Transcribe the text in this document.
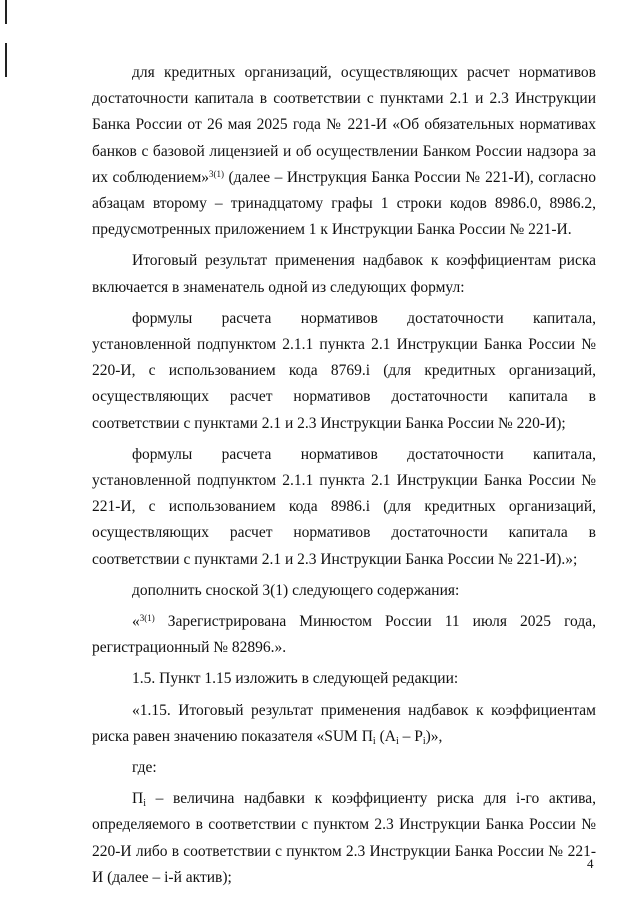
для кредитных организаций, осуществляющих расчет нормативов достаточности капитала в соответствии с пунктами 2.1 и 2.3 Инструкции Банка России от 26 мая 2025 года № 221-И «Об обязательных нормативах банков с базовой лицензией и об осуществлении Банком России надзора за их соблюдением»$^{3(1)}$ (далее – Инструкция Банка России № 221-И), согласно абзацам второму – тринадцатому графы 1 строки кодов 8986.0, 8986.2, предусмотренных приложением 1 к Инструкции Банка России № 221-И.

Итоговый результат применения надбавок к коэффициентам риска включается в знаменатель одной из следующих формул:

формулы расчета нормативов достаточности капитала, установленной подпунктом 2.1.1 пункта 2.1 Инструкции Банка России № 220-И, с использованием кода 8769.i (для кредитных организаций, осуществляющих расчет нормативов достаточности капитала в соответствии с пунктами 2.1 и 2.3 Инструкции Банка России № 220-И);

формулы расчета нормативов достаточности капитала, установленной подпунктом 2.1.1 пункта 2.1 Инструкции Банка России № 221-И, с использованием кода 8986.i (для кредитных организаций, осуществляющих расчет нормативов достаточности капитала в соответствии с пунктами 2.1 и 2.3 Инструкции Банка России № 221-И).»;

дополнить сноской 3(1) следующего содержания:

«$^{3(1)}$ Зарегистрирована Минюстом России 11 июля 2025 года, регистрационный № 82896.».

1.5. Пункт 1.15 изложить в следующей редакции:

«1.15. Итоговый результат применения надбавок к коэффициентам риска равен значению показателя «SUM $П_i$ $(А_i - P_i)$»,

где:

$П_i$ – величина надбавки к коэффициенту риска для i-го актива, определяемого в соответствии с пунктом 2.3 Инструкции Банка России № 220-И либо в соответствии с пунктом 2.3 Инструкции Банка России № 221-И (далее – i-й актив);

4
